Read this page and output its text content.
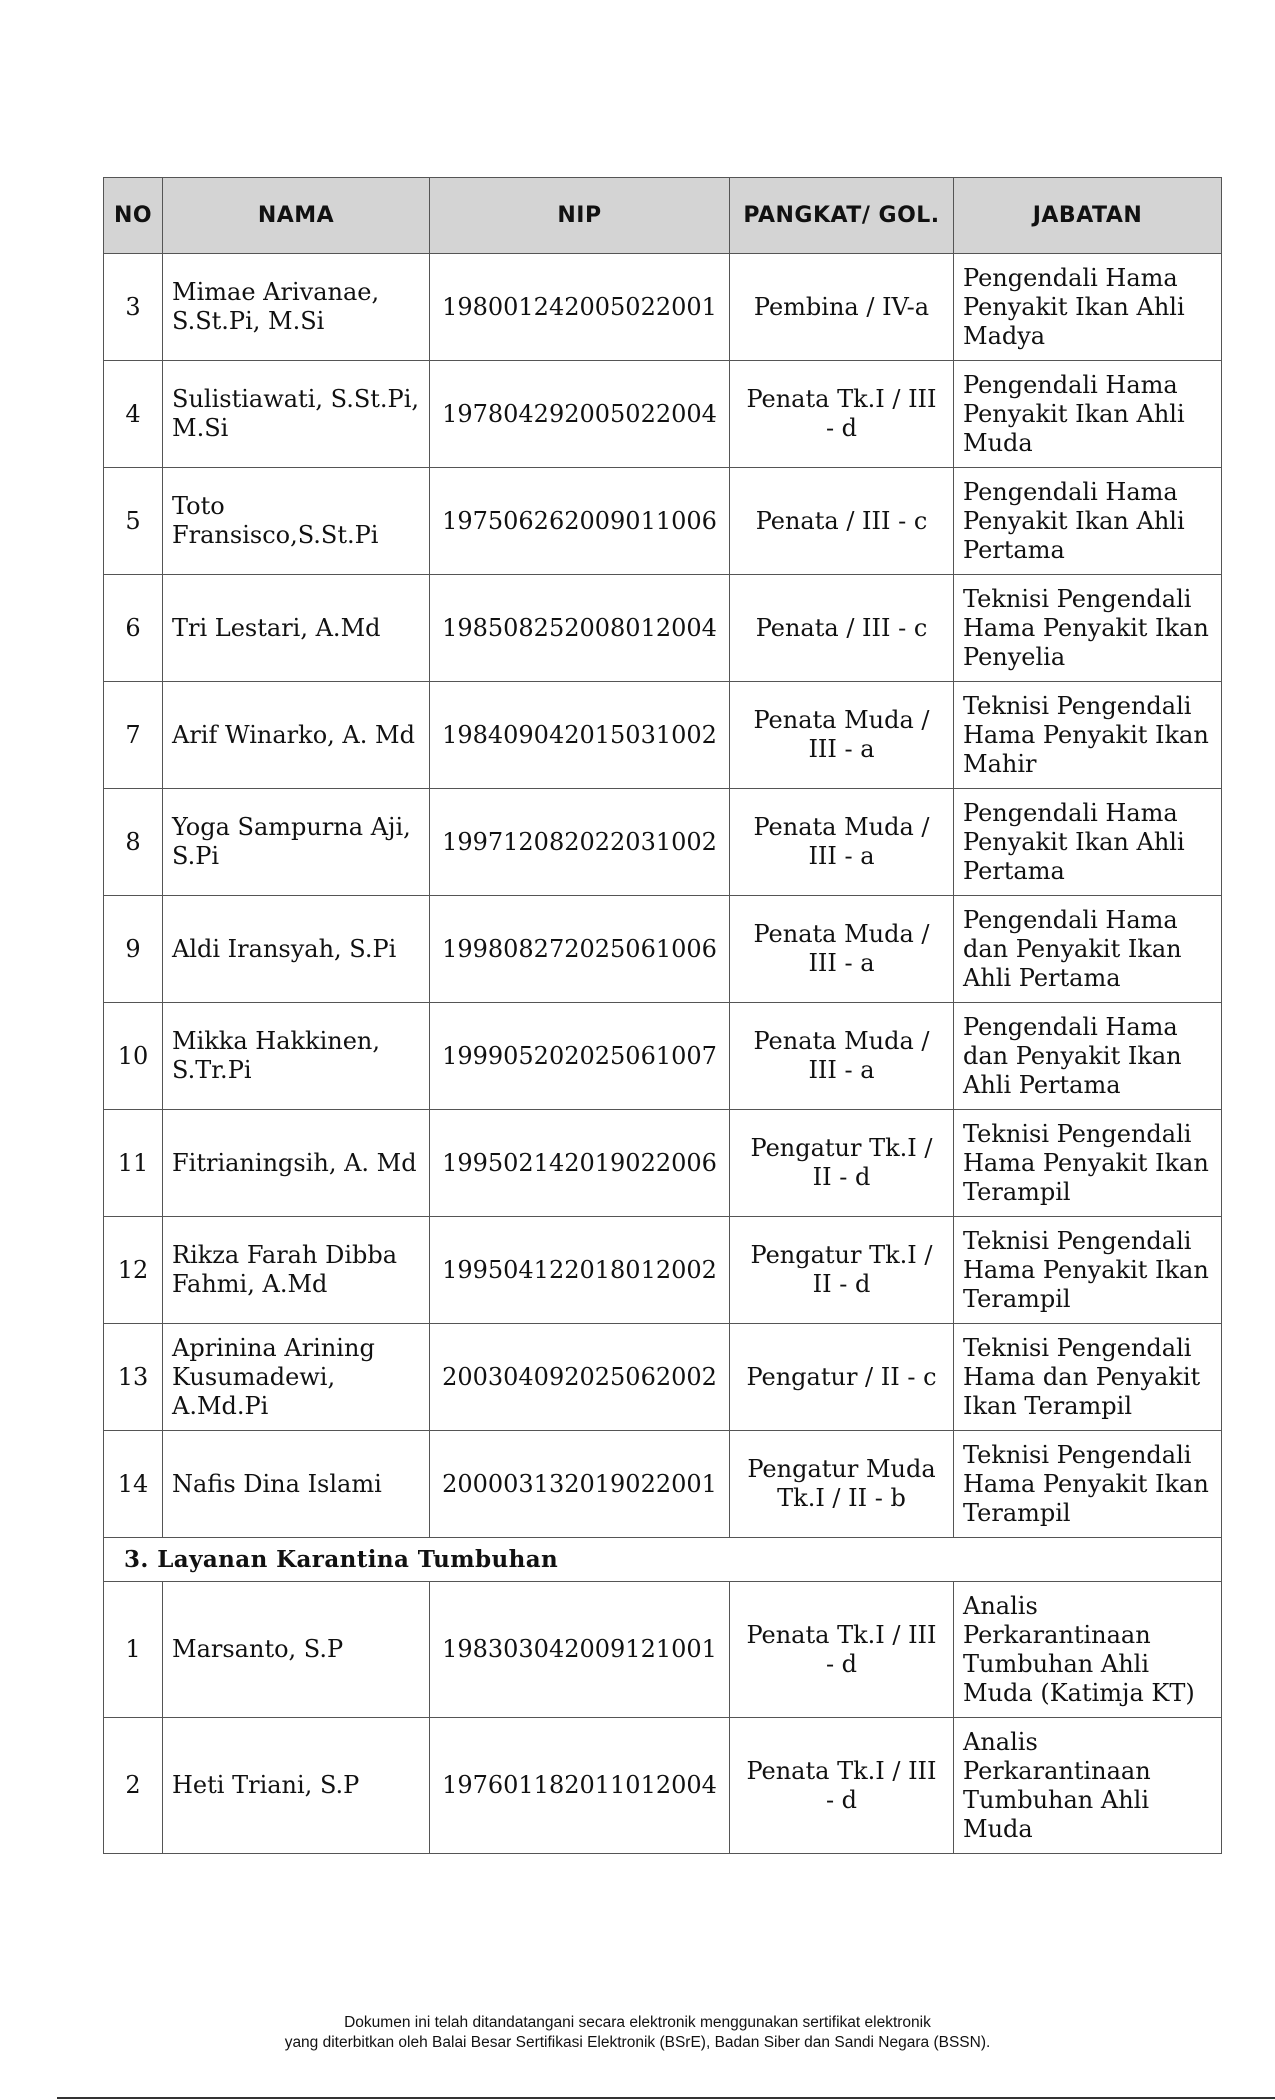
NO	NAMA	NIP	PANGKAT/ GOL.	JABATAN
3	Mimae Arivanae, S.St.Pi, M.Si	198001242005022001	Pembina / IV-a	Pengendali Hama Penyakit Ikan Ahli Madya
4	Sulistiawati, S.St.Pi, M.Si	197804292005022004	Penata Tk.I / III - d	Pengendali Hama Penyakit Ikan Ahli Muda
5	Toto Fransisco,S.St.Pi	197506262009011006	Penata / III - c	Pengendali Hama Penyakit Ikan Ahli Pertama
6	Tri Lestari, A.Md	198508252008012004	Penata / III - c	Teknisi Pengendali Hama Penyakit Ikan Penyelia
7	Arif Winarko, A. Md	198409042015031002	Penata Muda / III - a	Teknisi Pengendali Hama Penyakit Ikan Mahir
8	Yoga Sampurna Aji, S.Pi	199712082022031002	Penata Muda / III - a	Pengendali Hama Penyakit Ikan Ahli Pertama
9	Aldi Iransyah, S.Pi	199808272025061006	Penata Muda / III - a	Pengendali Hama dan Penyakit Ikan Ahli Pertama
10	Mikka Hakkinen, S.Tr.Pi	199905202025061007	Penata Muda / III - a	Pengendali Hama dan Penyakit Ikan Ahli Pertama
11	Fitrianingsih, A. Md	199502142019022006	Pengatur Tk.I / II - d	Teknisi Pengendali Hama Penyakit Ikan Terampil
12	Rikza Farah Dibba Fahmi, A.Md	199504122018012002	Pengatur Tk.I / II - d	Teknisi Pengendali Hama Penyakit Ikan Terampil
13	Aprinina Arining Kusumadewi, A.Md.Pi	200304092025062002	Pengatur / II - c	Teknisi Pengendali Hama dan Penyakit Ikan Terampil
14	Nafis Dina Islami	200003132019022001	Pengatur Muda Tk.I / II - b	Teknisi Pengendali Hama Penyakit Ikan Terampil
3. Layanan Karantina Tumbuhan				
1	Marsanto, S.P	198303042009121001	Penata Tk.I / III - d	Analis Perkarantinaan Tumbuhan Ahli Muda (Katimja KT)
2	Heti Triani, S.P	197601182011012004	Penata Tk.I / III - d	Analis Perkarantinaan Tumbuhan Ahli Muda
Dokumen ini telah ditandatangani secara elektronik menggunakan sertifikat elektronik
yang diterbitkan oleh Balai Besar Sertifikasi Elektronik (BSrE), Badan Siber dan Sandi Negara (BSSN).
